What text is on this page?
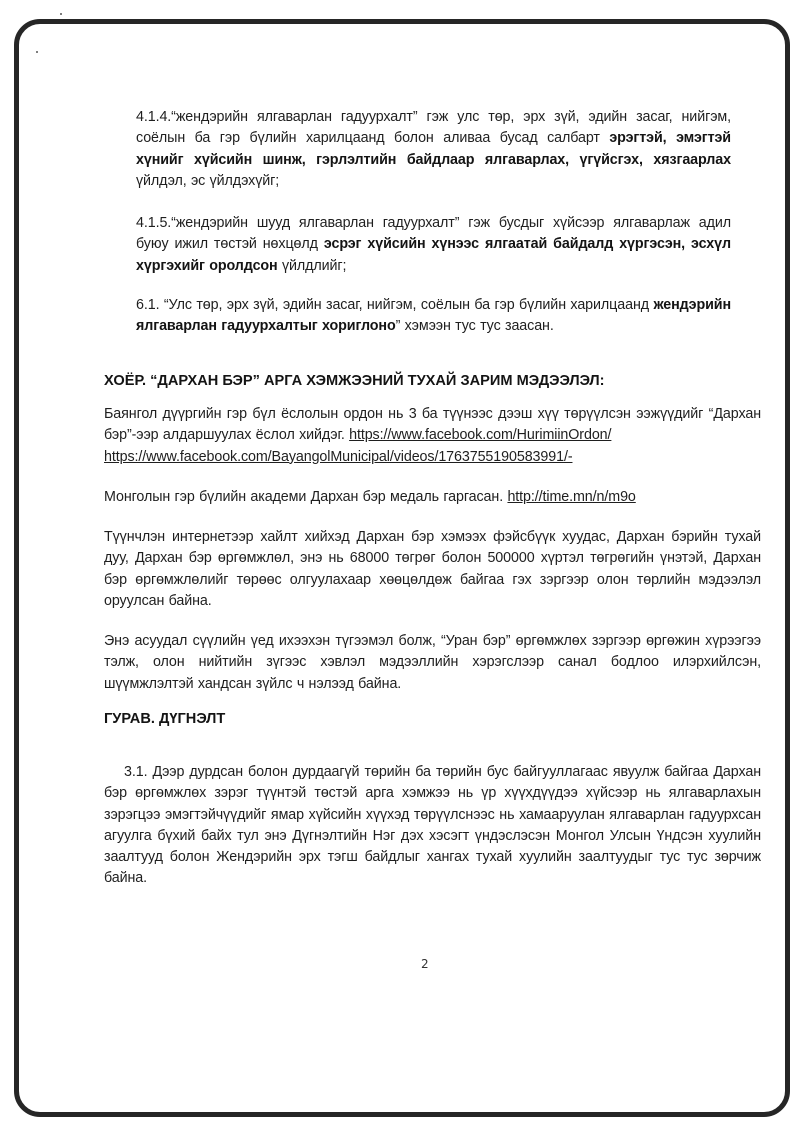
4.1.4.“жендэрийн ялгаварлан гадуурхалт” гэж улс төр, эрх зүй, эдийн засаг, нийгэм, соёлын ба гэр бүлийн харилцаанд болон аливаа бусад салбарт эрэгтэй, эмэгтэй хүнийг хүйсийн шинж, гэрлэлтийн байдлаар ялгаварлах, үгүйсгэх, хязгаарлах үйлдэл, эс үйлдэхүйг;
4.1.5.“жендэрийн шууд ялгаварлан гадуурхалт” гэж бусдыг хүйсээр ялгаварлаж адил буюу ижил төстэй нөхцөлд эсрэг хүйсийн хүнээс ялгаатай байдалд хүргэсэн, эсхүл хүргэхийг оролдсон үйлдлийг;
6.1. “Улс төр, эрх зүй, эдийн засаг, нийгэм, соёлын ба гэр бүлийн харилцаанд жендэрийн ялгаварлан гадуурхалтыг хориглоно” хэмээн тус тус заасан.
ХОЁР. “ДАРХАН БЭР” АРГА ХЭМЖЭЭНИЙ ТУХАЙ ЗАРИМ МЭДЭЭЛЭЛ:
Баянгол дүүргийн гэр бүл ёслолын ордон нь 3 ба түүнээс дээш хүү төрүүлсэн ээжүүдийг “Дархан бэр”-ээр алдаршуулах ёслол хийдэг. https://www.facebook.com/HurimiinOrdon/
https://www.facebook.com/BayangolMunicipal/videos/1763755190583991/-
Монголын гэр бүлийн академи Дархан бэр медаль гаргасан. http://time.mn/n/m9o
Түүнчлэн интернетээр хайлт хийхэд Дархан бэр хэмээх фэйсбүүк хуудас, Дархан бэрийн тухай дуу, Дархан бэр өргөмжлөл, энэ нь 68000 төгрөг болон 500000 хүртэл төгрөгийн үнэтэй, Дархан бэр өргөмжлөлийг төрөөс олгуулахаар хөөцөлдөж байгаа гэх зэргээр олон төрлийн мэдээлэл оруулсан байна.
Энэ асуудал сүүлийн үед ихээхэн түгээмэл болж, “Уран бэр” өргөмжлөх зэргээр өргөжин хүрээгээ тэлж, олон нийтийн зүгээс хэвлэл мэдээллийн хэрэгслээр санал бодлоо илэрхийлсэн, шүүмжлэлтэй хандсан зүйлс ч нэлээд байна.
ГУРАВ. ДҮГНЭЛТ
3.1. Дээр дурдсан болон дурдаагүй төрийн ба төрийн бус байгууллагаас явуулж байгаа Дархан бэр өргөмжлөх зэрэг түүнтэй төстэй арга хэмжээ нь үр хүүхдүүдээ хүйсээр нь ялгаварлахын зэрэгцээ эмэгтэйчүүдийг ямар хүйсийн хүүхэд төрүүлснээс нь хамааруулан ялгаварлан гадуурхсан агуулга бүхий байх тул энэ Дүгнэлтийн Нэг дэх хэсэгт үндэслэсэн Монгол Улсын Үндсэн хуулийн заалтууд болон Жендэрийн эрх тэгш байдлыг хангах тухай хуулийн заалтуудыг тус тус зөрчиж байна.
2
